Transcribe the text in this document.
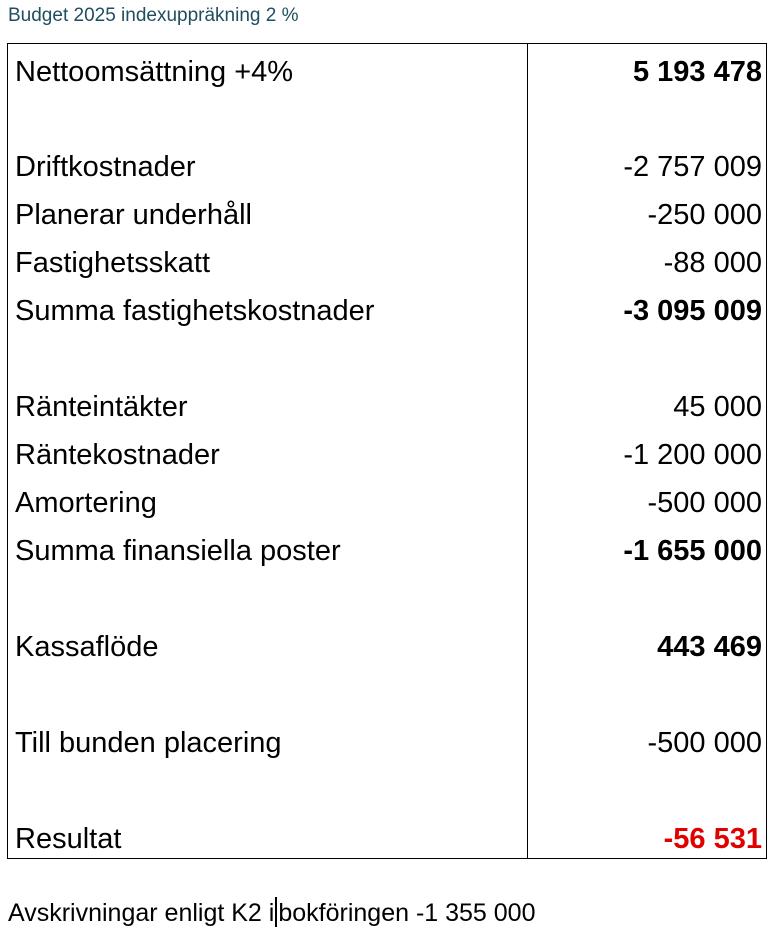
Budget 2025 indexuppräkning 2 %
Nettoomsättning +4%	5 193 478
Driftkostnader	-2 757 009
Planerar underhåll	-250 000
Fastighetsskatt	-88 000
Summa fastighetskostnader	-3 095 009
Ränteintäkter	45 000
Räntekostnader	-1 200 000
Amortering	-500 000
Summa finansiella poster	-1 655 000
Kassaflöde	443 469
Till bunden placering	-500 000
Resultat	-56 531
Avskrivningar enligt K2 i bokföringen -1 355 000
